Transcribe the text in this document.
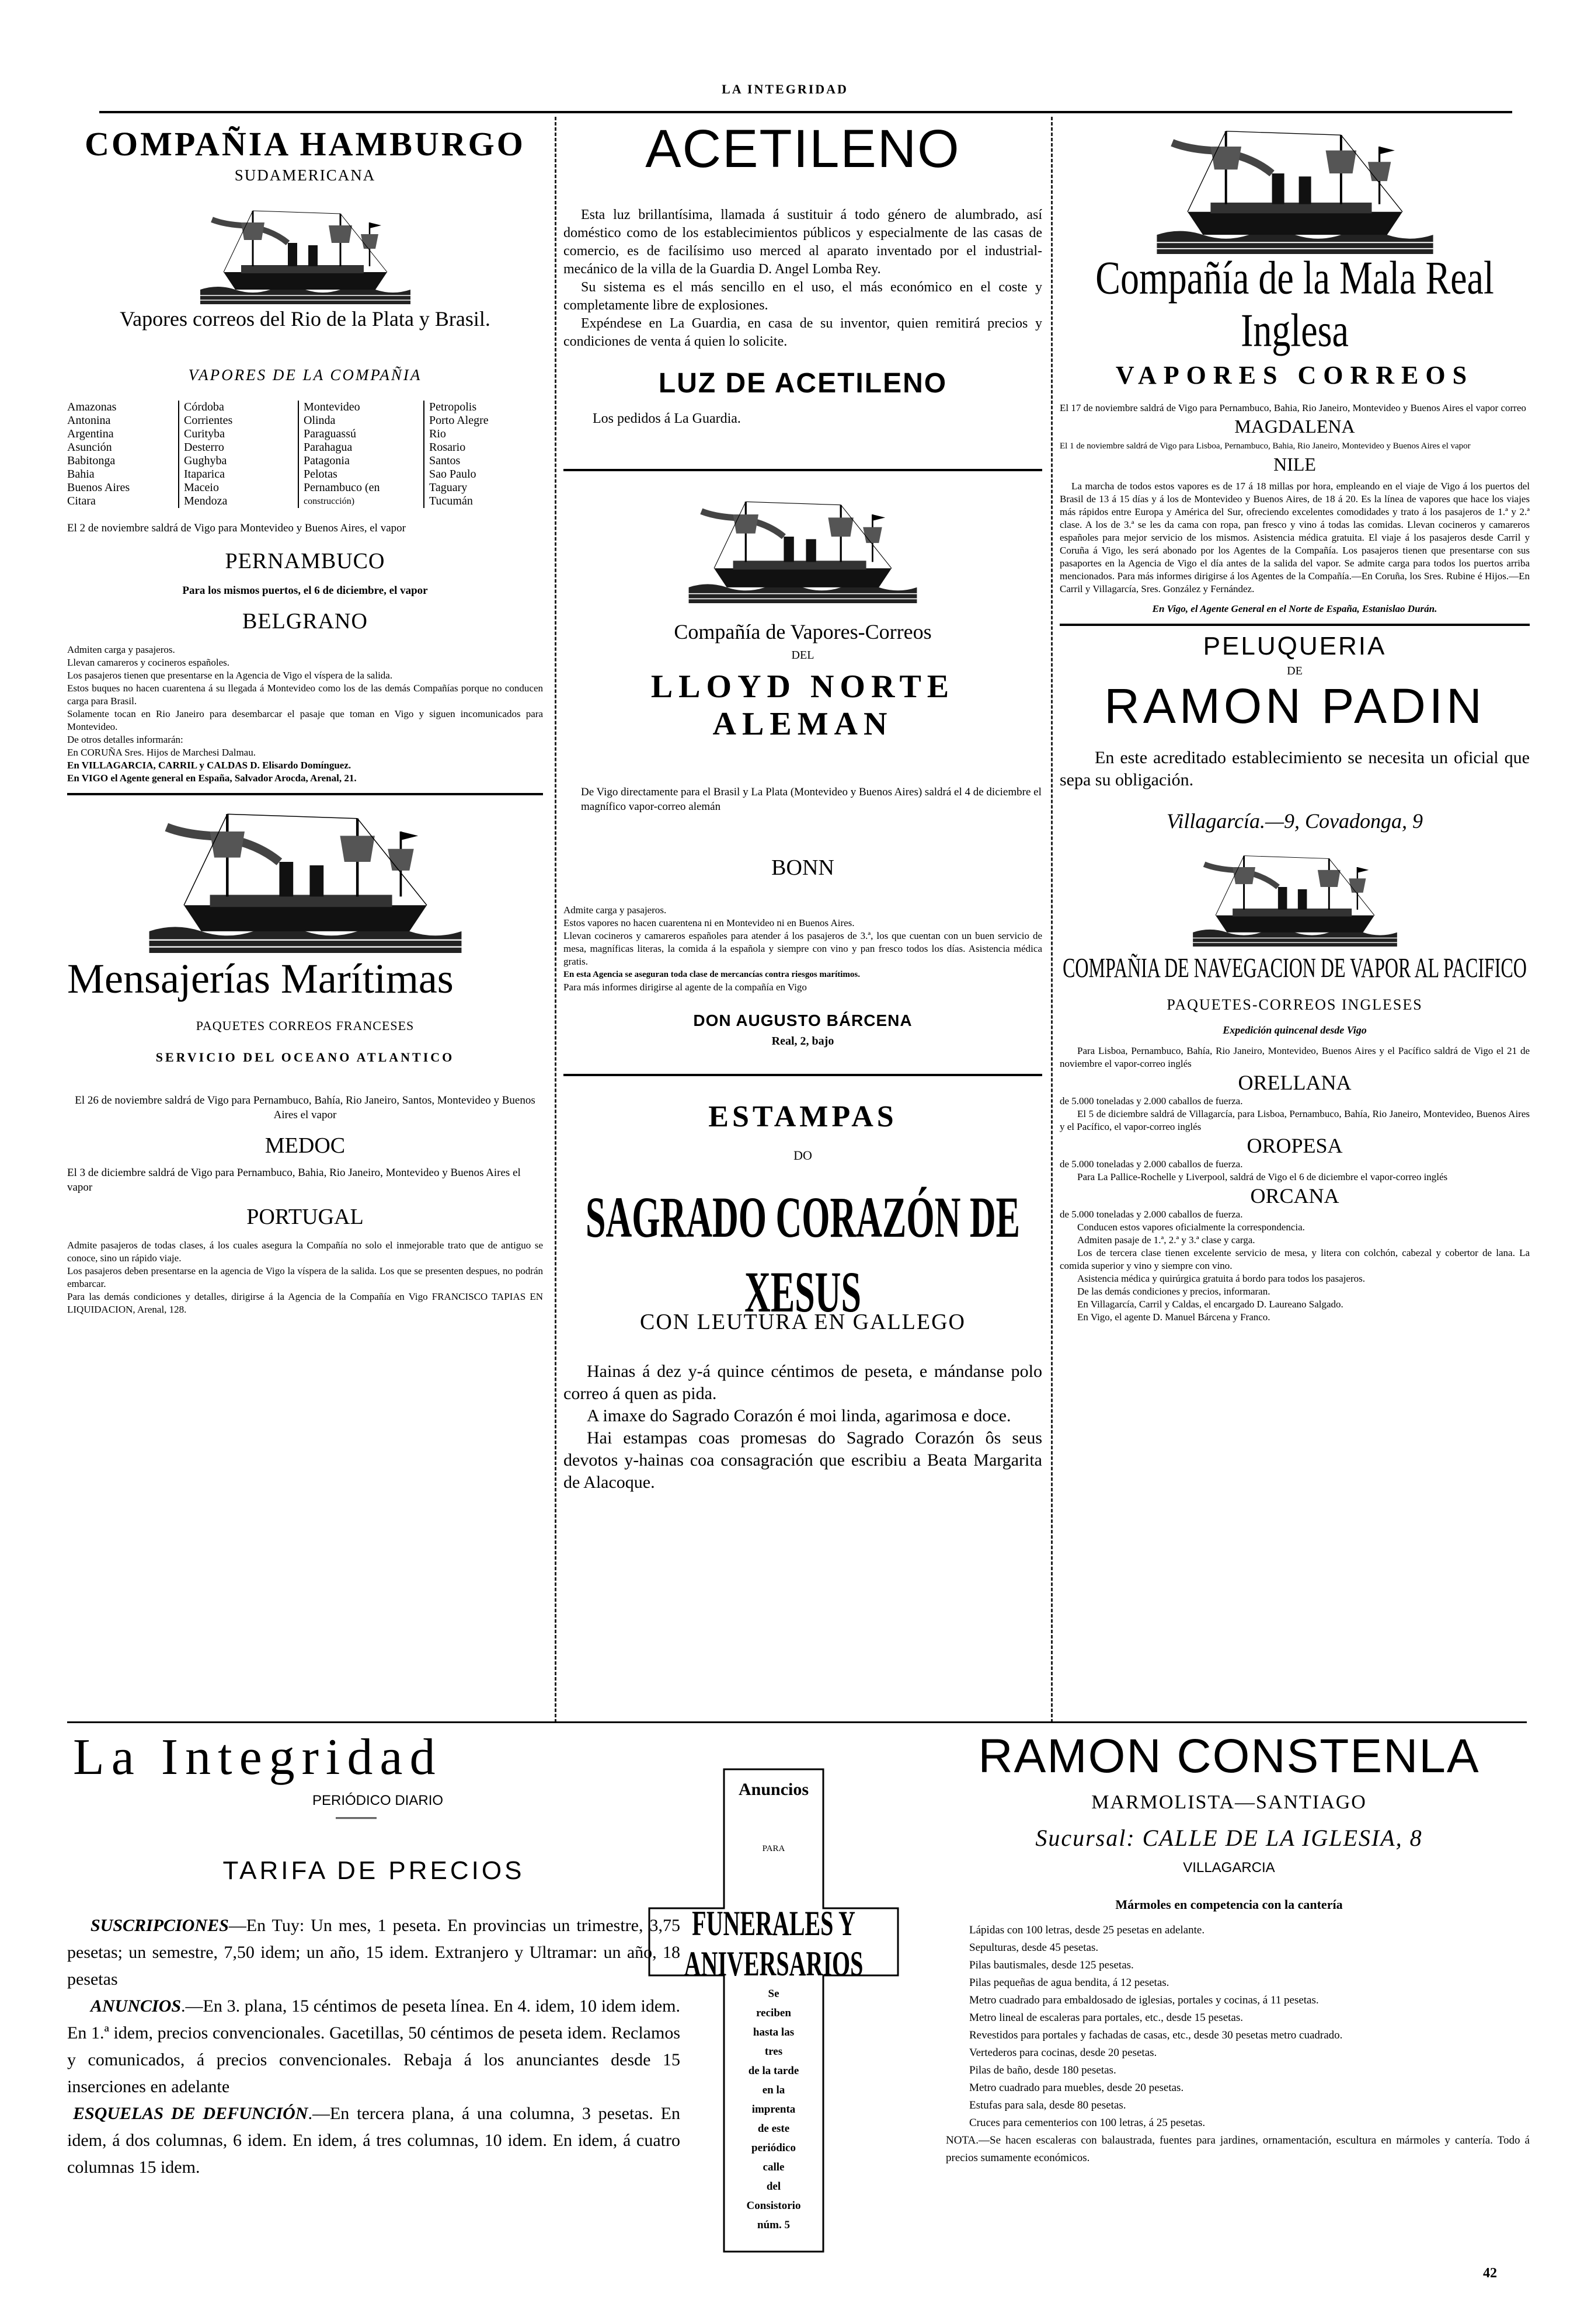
LA INTEGRIDAD
COMPAÑIA HAMBURGO
SUDAMERICANA
Vapores correos del Rio de la Plata y Brasil.
VAPORES DE LA COMPAÑIA
Amazonas
Antonina
Argentina
Asunción
Babitonga
Bahia
Buenos Aires
Citara
Córdoba
Corrientes
Curityba
Desterro
Gughyba
Itaparica
Maceio
Mendoza
Montevideo
Olinda
Paraguassú
Parahagua
Patagonia
Pelotas
Pernambuco (en
construcción)
Petropolis
Porto Alegre
Rio
Rosario
Santos
Sao Paulo
Taguary
Tucumán

El 2 de noviembre saldrá de Vigo para Montevideo y Buenos Aires, el vapor

PERNAMBUCO

Para los mismos puertos, el 6 de diciembre, el vapor

BELGRANO

Admiten carga y pasajeros.

Llevan camareros y cocineros españoles.

Los pasajeros tienen que presentarse en la Agencia de Vigo el víspera de la salida.

Estos buques no hacen cuarentena á su llegada á Montevideo como los de las demás Compañías porque no conducen carga para Brasil.

Solamente tocan en Rio Janeiro para desembarcar el pasaje que toman en Vigo y siguen incomunicados para Montevideo.

De otros detalles informarán:

En CORUÑA Sres. Hijos de Marchesi Dalmau.

En VILLAGARCIA, CARRIL y CALDAS D. Elisardo Domínguez.

En VIGO el Agente general en España, Salvador Arocda, Arenal, 21.

Mensajerías Marítimas
PAQUETES CORREOS FRANCESES
SERVICIO DEL OCEANO ATLANTICO

El 26 de noviembre saldrá de Vigo para Pernambuco, Bahía, Rio Janeiro, Santos, Montevideo y Buenos Aires el vapor

MEDOC

El 3 de diciembre saldrá de Vigo para Pernambuco, Bahia, Rio Janeiro, Montevideo y Buenos Aires el vapor

PORTUGAL

Admite pasajeros de todas clases, á los cuales asegura la Compañía no solo el inmejorable trato que de antiguo se conoce, sino un rápido viaje.

Los pasajeros deben presentarse en la agencia de Vigo la víspera de la salida. Los que se presenten despues, no podrán embarcar.

Para las demás condiciones y detalles, dirigirse á la Agencia de la Compañía en Vigo FRANCISCO TAPIAS EN LIQUIDACION, Arenal, 128.

ACETILENO

Esta luz brillantísima, llamada á sustituir á todo género de alumbrado, así doméstico como de los establecimientos públicos y especialmente de las casas de comercio, es de facilísimo uso merced al aparato inventado por el industrial-mecánico de la villa de la Guardia D. Angel Lomba Rey.

Su sistema es el más sencillo en el uso, el más económico en el coste y completamente libre de explosiones.

Expéndese en La Guardia, en casa de su inventor, quien remitirá precios y condiciones de venta á quien lo solicite.

LUZ DE ACETILENO

Los pedidos á La Guardia.

Compañía de Vapores-Correos
DEL
LLOYD NORTE ALEMAN

De Vigo directamente para el Brasil y La Plata (Montevideo y Buenos Aires) saldrá el 4 de diciembre el magnífico vapor-correo alemán

BONN

Admite carga y pasajeros.

Estos vapores no hacen cuarentena ni en Montevideo ni en Buenos Aires.

Llevan cocineros y camareros españoles para atender á los pasajeros de 3.ª, los que cuentan con un buen servicio de mesa, magníficas literas, la comida á la española y siempre con vino y pan fresco todos los días. Asistencia médica gratis.

En esta Agencia se aseguran toda clase de mercancías contra riesgos marítimos.

Para más informes dirigirse al agente de la compañía en Vigo

DON AUGUSTO BÁRCENA
Real, 2, bajo
ESTAMPAS
DO
SAGRADO CORAZÓN DE XESUS
CON LEUTURA EN GALLEGO

Hainas á dez y-á quince céntimos de peseta, e mándanse polo correo á quen as pida.

A imaxe do Sagrado Corazón é moi linda, agarimosa e doce.

Hai estampas coas promesas do Sagrado Corazón ôs seus devotos y-hainas coa consagración que escribiu a Beata Margarita de Alacoque.

Compañía de la Mala Real Inglesa
VAPORES CORREOS

El 17 de noviembre saldrá de Vigo para Pernambuco, Bahia, Rio Janeiro, Montevideo y Buenos Aires el vapor correo

MAGDALENA

El 1 de noviembre saldrá de Vigo para Lisboa, Pernambuco, Bahia, Rio Janeiro, Montevideo y Buenos Aires el vapor

NILE

La marcha de todos estos vapores es de 17 á 18 millas por hora, empleando en el viaje de Vigo á los puertos del Brasil de 13 á 15 días y á los de Montevideo y Buenos Aires, de 18 á 20. Es la línea de vapores que hace los viajes más rápidos entre Europa y América del Sur, ofreciendo excelentes comodidades y trato á los pasajeros de 1.ª y 2.ª clase. A los de 3.ª se les da cama con ropa, pan fresco y vino á todas las comidas. Llevan cocineros y camareros españoles para mejor servicio de los mismos. Asistencia médica gratuita. El viaje á los pasajeros desde Carril y Coruña á Vigo, les será abonado por los Agentes de la Compañía. Los pasajeros tienen que presentarse con sus pasaportes en la Agencia de Vigo el día antes de la salida del vapor. Se admite carga para todos los puertos arriba mencionados. Para más informes dirigirse á los Agentes de la Compañía.—En Coruña, los Sres. Rubine é Hijos.—En Carril y Villagarcía, Sres. González y Fernández.

En Vigo, el Agente General en el Norte de España, Estanislao Durán.

PELUQUERIA
DE
RAMON PADIN

En este acreditado establecimiento se necesita un oficial que sepa su obligación.

Villagarcía.—9, Covadonga, 9
COMPAÑIA DE NAVEGACION DE VAPOR AL PACIFICO
PAQUETES-CORREOS INGLESES
Expedición quincenal desde Vigo

Para Lisboa, Pernambuco, Bahía, Rio Janeiro, Montevideo, Buenos Aires y el Pacífico saldrá de Vigo el 21 de noviembre el vapor-correo inglés

ORELLANA

de 5.000 toneladas y 2.000 caballos de fuerza.

El 5 de diciembre saldrá de Villagarcía, para Lisboa, Pernambuco, Bahía, Rio Janeiro, Montevideo, Buenos Aires y el Pacífico, el vapor-correo inglés

OROPESA

de 5.000 toneladas y 2.000 caballos de fuerza.

Para La Pallice-Rochelle y Liverpool, saldrá de Vigo el 6 de diciembre el vapor-correo inglés

ORCANA

de 5.000 toneladas y 2.000 caballos de fuerza.

Conducen estos vapores oficialmente la correspondencia.

Admiten pasaje de 1.ª, 2.ª y 3.ª clase y carga.

Los de tercera clase tienen excelente servicio de mesa, y litera con colchón, cabezal y cobertor de lana. La comida superior y vino y siempre con vino.

Asistencia médica y quirúrgica gratuita á bordo para todos los pasajeros.

De las demás condiciones y precios, informaran.

En Villagarcía, Carril y Caldas, el encargado D. Laureano Salgado.

En Vigo, el agente D. Manuel Bárcena y Franco.

La Integridad
PERIÓDICO DIARIO
TARIFA DE PRECIOS

SUSCRIPCIONES—En Tuy: Un mes, 1 peseta. En provincias un trimestre, 3,75 pesetas; un semestre, 7,50 idem; un año, 15 idem. Extranjero y Ultramar: un año, 18 pesetas

ANUNCIOS.—En 3. plana, 15 céntimos de peseta línea. En 4. idem, 10 idem idem. En 1.ª idem, precios convencionales. Gacetillas, 50 céntimos de peseta idem. Reclamos y comunicados, á precios convencionales. Rebaja á los anunciantes desde 15 inserciones en adelante

ESQUELAS DE DEFUNCIÓN.—En tercera plana, á una columna, 3 pesetas. En idem, á dos columnas, 6 idem. En idem, á tres columnas, 10 idem. En idem, á cuatro columnas 15 idem.

Anuncios
PARA
FUNERALES Y ANIVERSARIOS
Se
reciben
hasta las
tres
de la tarde
en la
imprenta
de este
periódico
calle
del
Consistorio
núm. 5
RAMON CONSTENLA
MARMOLISTA—SANTIAGO
Sucursal: CALLE DE LA IGLESIA, 8
VILLAGARCIA
Mármoles en competencia con la cantería

Lápidas con 100 letras, desde 25 pesetas en adelante.

Sepulturas, desde 45 pesetas.

Pilas bautismales, desde 125 pesetas.

Pilas pequeñas de agua bendita, á 12 pesetas.

Metro cuadrado para embaldosado de iglesias, portales y cocinas, á 11 pesetas.

Metro lineal de escaleras para portales, etc., desde 15 pesetas.

Revestidos para portales y fachadas de casas, etc., desde 30 pesetas metro cuadrado.

Vertederos para cocinas, desde 20 pesetas.

Pilas de baño, desde 180 pesetas.

Metro cuadrado para muebles, desde 20 pesetas.

Estufas para sala, desde 80 pesetas.

Cruces para cementerios con 100 letras, á 25 pesetas.

NOTA.—Se hacen escaleras con balaustrada, fuentes para jardines, ornamentación, escultura en mármoles y cantería. Todo á precios sumamente económicos.

42
